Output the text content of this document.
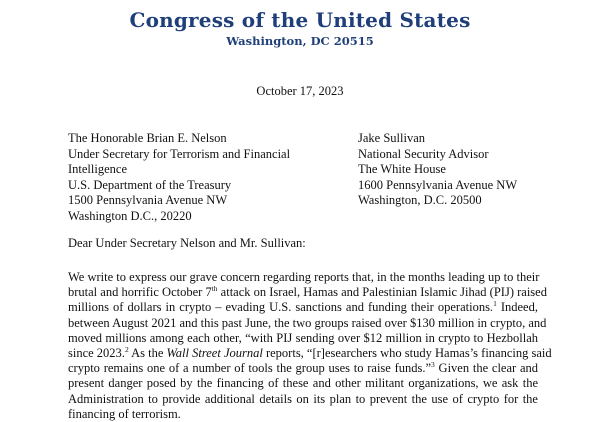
Congress of the United States
Washington, DC 20515
October 17, 2023
The Honorable Brian E. Nelson
Under Secretary for Terrorism and Financial
Intelligence
U.S. Department of the Treasury
1500 Pennsylvania Avenue NW
Washington D.C., 20220
Jake Sullivan
National Security Advisor
The White House
1600 Pennsylvania Avenue NW
Washington, D.C. 20500
Dear Under Secretary Nelson and Mr. Sullivan:
We write to express our grave concern regarding reports that, in the months leading up to their
brutal and horrific October 7th attack on Israel, Hamas and Palestinian Islamic Jihad (PIJ) raised
millions of dollars in crypto – evading U.S. sanctions and funding their operations.$^1$ Indeed,
between August 2021 and this past June, the two groups raised over $130 million in crypto, and
moved millions among each other, “with PIJ sending over $12 million in crypto to Hezbollah
since 2023.$^2$ As the Wall Street Journal reports, “[r]esearchers who study Hamas’s financing said
crypto remains one of a number of tools the group uses to raise funds.”$^3$ Given the clear and
present danger posed by the financing of these and other militant organizations, we ask the
Administration to provide additional details on its plan to prevent the use of crypto for the
financing of terrorism.
